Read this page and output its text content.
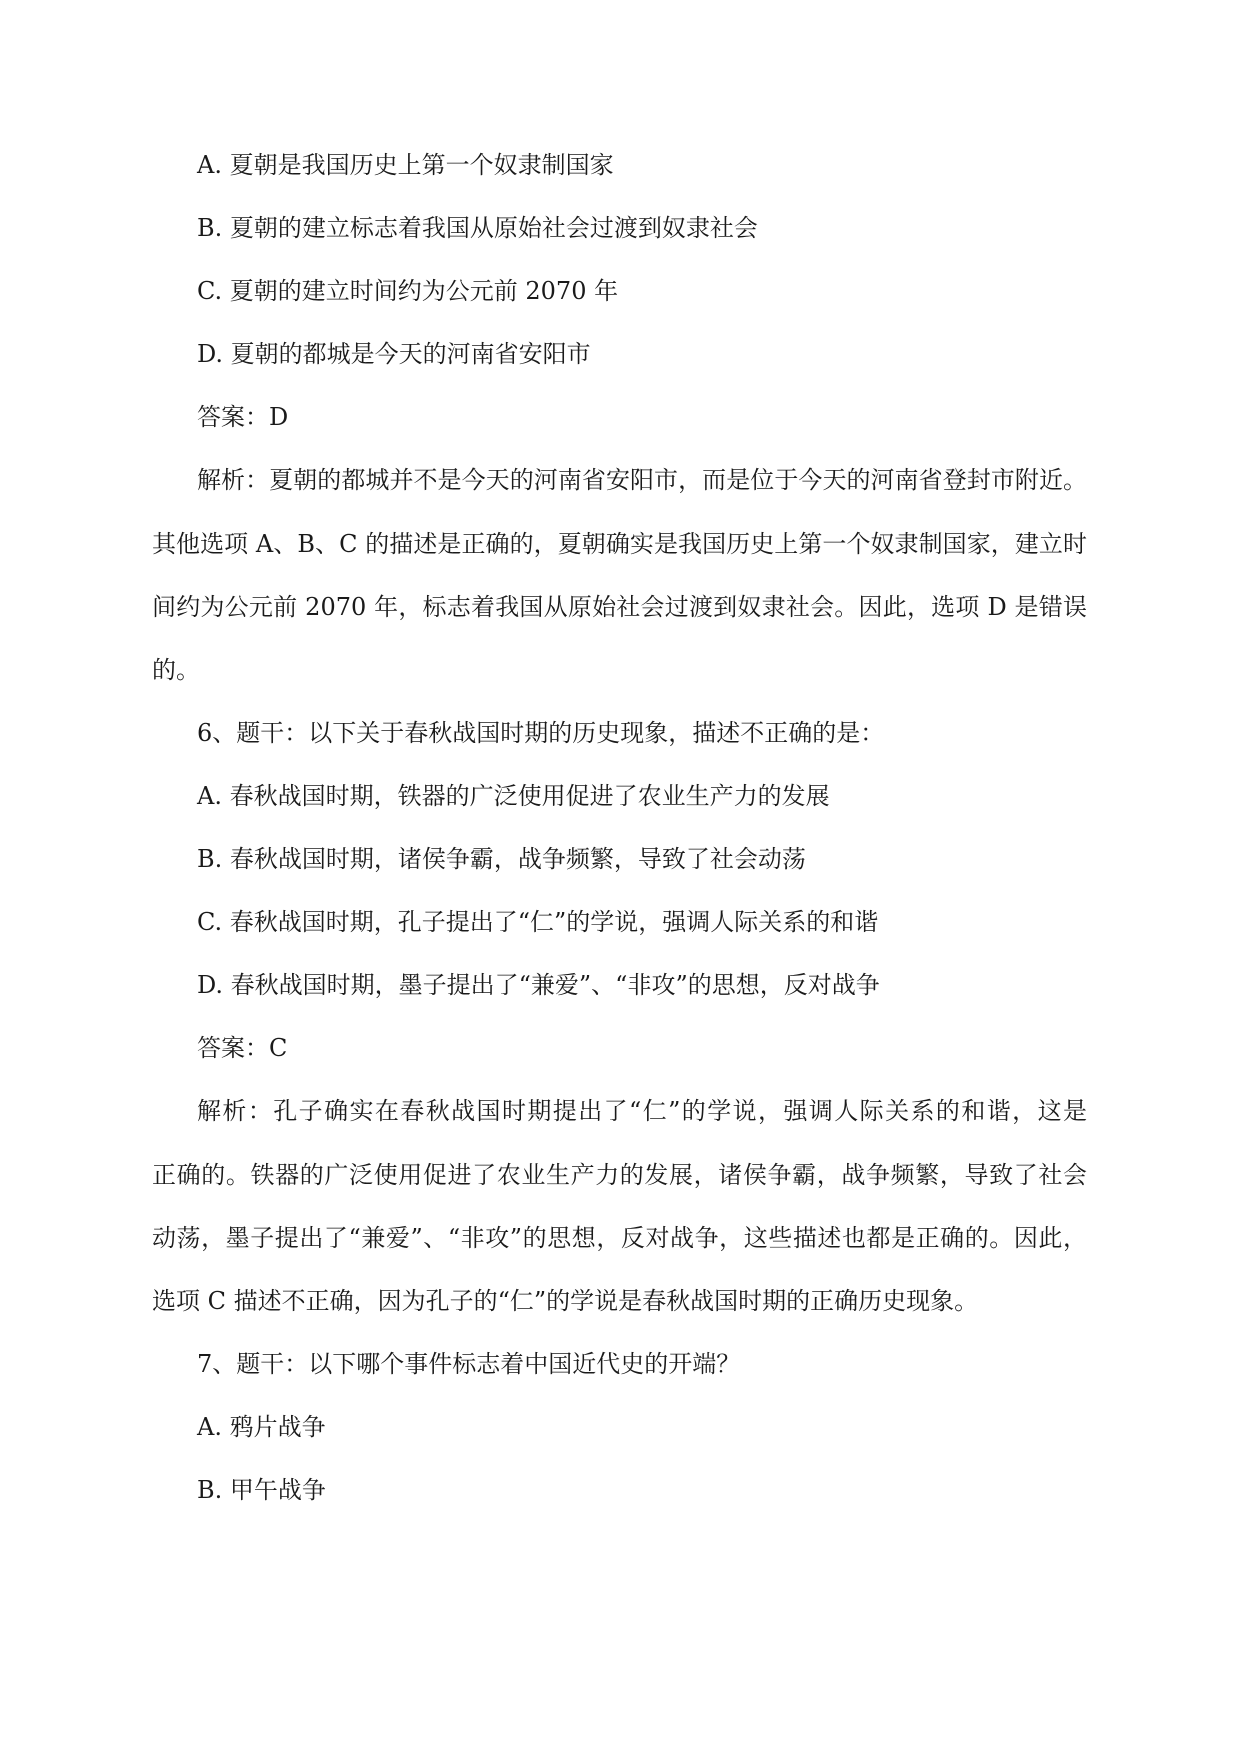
A. 夏朝是我国历史上第一个奴隶制国家

B. 夏朝的建立标志着我国从原始社会过渡到奴隶社会

C. 夏朝的建立时间约为公元前 2070 年

D. 夏朝的都城是今天的河南省安阳市

答案：D

解析：夏朝的都城并不是今天的河南省安阳市，而是位于今天的河南省登封市附近。

其他选项 A、B、C 的描述是正确的，夏朝确实是我国历史上第一个奴隶制国家，建立时

间约为公元前 2070 年，标志着我国从原始社会过渡到奴隶社会。因此，选项 D 是错误

的。

6、题干：以下关于春秋战国时期的历史现象，描述不正确的是：

A. 春秋战国时期，铁器的广泛使用促进了农业生产力的发展

B. 春秋战国时期，诸侯争霸，战争频繁，导致了社会动荡

C. 春秋战国时期，孔子提出了“仁”的学说，强调人际关系的和谐

D. 春秋战国时期，墨子提出了“兼爱”、“非攻”的思想，反对战争

答案：C

解析：孔子确实在春秋战国时期提出了“仁”的学说，强调人际关系的和谐，这是

正确的。铁器的广泛使用促进了农业生产力的发展，诸侯争霸，战争频繁，导致了社会

动荡，墨子提出了“兼爱”、“非攻”的思想，反对战争，这些描述也都是正确的。因此，

选项 C 描述不正确，因为孔子的“仁”的学说是春秋战国时期的正确历史现象。

7、题干：以下哪个事件标志着中国近代史的开端？

A. 鸦片战争

B. 甲午战争
